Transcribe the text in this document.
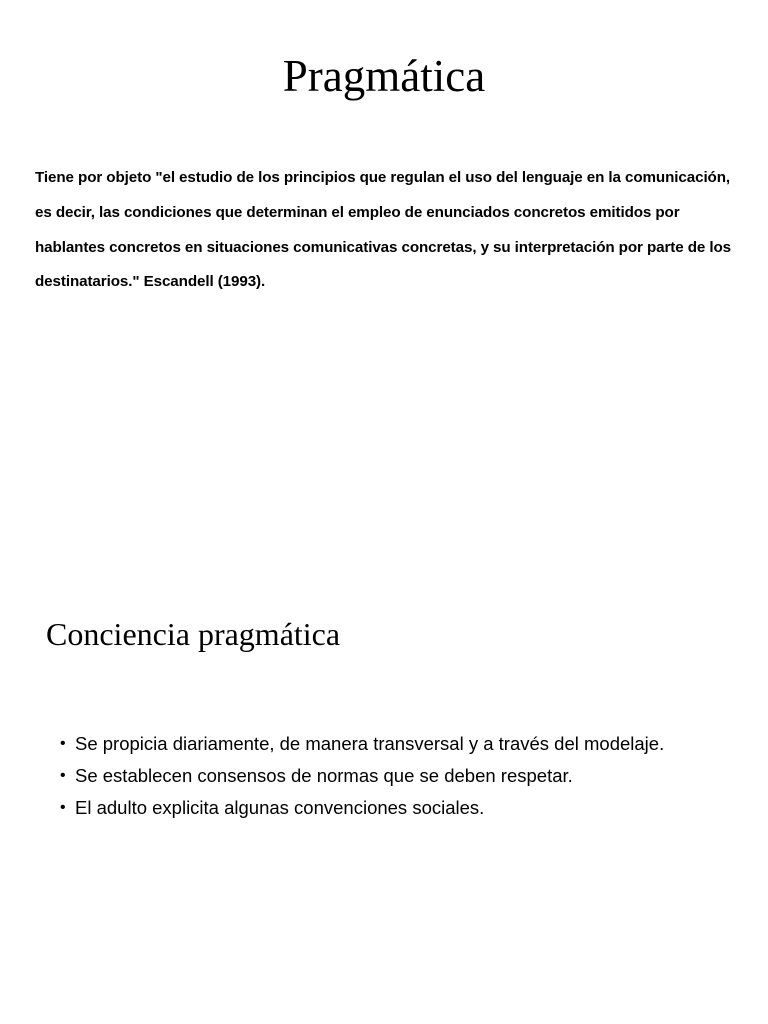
Pragmática

Tiene por objeto "el estudio de los principios que regulan el uso del lenguaje en la comunicación, es decir, las condiciones que determinan el empleo de enunciados concretos emitidos por hablantes concretos en situaciones comunicativas concretas, y su interpretación por parte de los destinatarios." Escandell (1993).

Conciencia pragmática
• Se propicia diariamente, de manera transversal y a través del modelaje.
• Se establecen consensos de normas que se deben respetar.
• El adulto explicita algunas convenciones sociales.
